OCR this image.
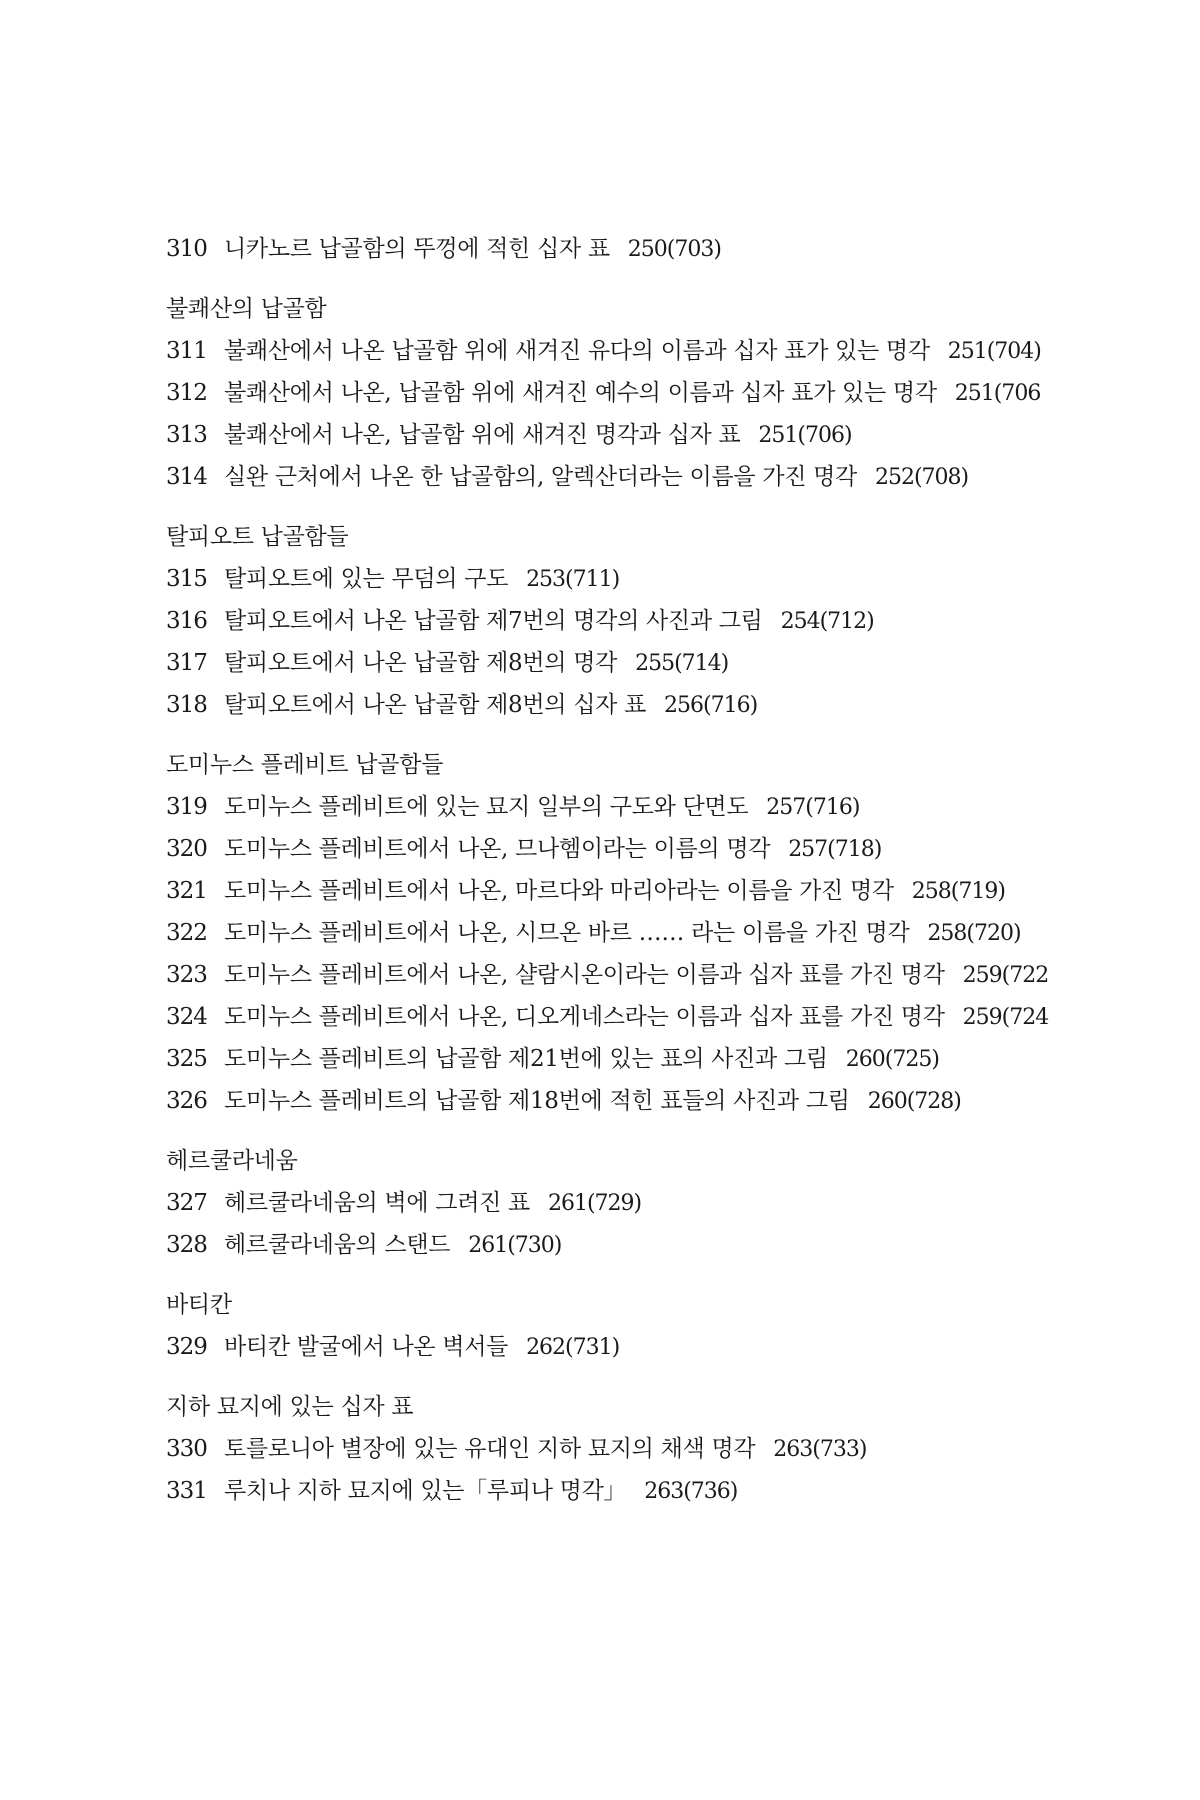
310 니카노르 납골함의 뚜껑에 적힌 십자 표 250(703)
불쾌산의 납골함
311 불쾌산에서 나온 납골함 위에 새겨진 유다의 이름과 십자 표가 있는 명각 251(704)
312 불쾌산에서 나온, 납골함 위에 새겨진 예수의 이름과 십자 표가 있는 명각 251(706
313 불쾌산에서 나온, 납골함 위에 새겨진 명각과 십자 표 251(706)
314 실완 근처에서 나온 한 납골함의, 알렉산더라는 이름을 가진 명각 252(708)
탈피오트 납골함들
315 탈피오트에 있는 무덤의 구도 253(711)
316 탈피오트에서 나온 납골함 제7번의 명각의 사진과 그림 254(712)
317 탈피오트에서 나온 납골함 제8번의 명각 255(714)
318 탈피오트에서 나온 납골함 제8번의 십자 표 256(716)
도미누스 플레비트 납골함들
319 도미누스 플레비트에 있는 묘지 일부의 구도와 단면도 257(716)
320 도미누스 플레비트에서 나온, 므나헴이라는 이름의 명각 257(718)
321 도미누스 플레비트에서 나온, 마르다와 마리아라는 이름을 가진 명각 258(719)
322 도미누스 플레비트에서 나온, 시므온 바르 …… 라는 이름을 가진 명각 258(720)
323 도미누스 플레비트에서 나온, 샬람시온이라는 이름과 십자 표를 가진 명각 259(722
324 도미누스 플레비트에서 나온, 디오게네스라는 이름과 십자 표를 가진 명각 259(724
325 도미누스 플레비트의 납골함 제21번에 있는 표의 사진과 그림 260(725)
326 도미누스 플레비트의 납골함 제18번에 적힌 표들의 사진과 그림 260(728)
헤르쿨라네움
327 헤르쿨라네움의 벽에 그려진 표 261(729)
328 헤르쿨라네움의 스탠드 261(730)
바티칸
329 바티칸 발굴에서 나온 벽서들 262(731)
지하 묘지에 있는 십자 표
330 토를로니아 별장에 있는 유대인 지하 묘지의 채색 명각 263(733)
331 루치나 지하 묘지에 있는「루피나 명각」 263(736)
